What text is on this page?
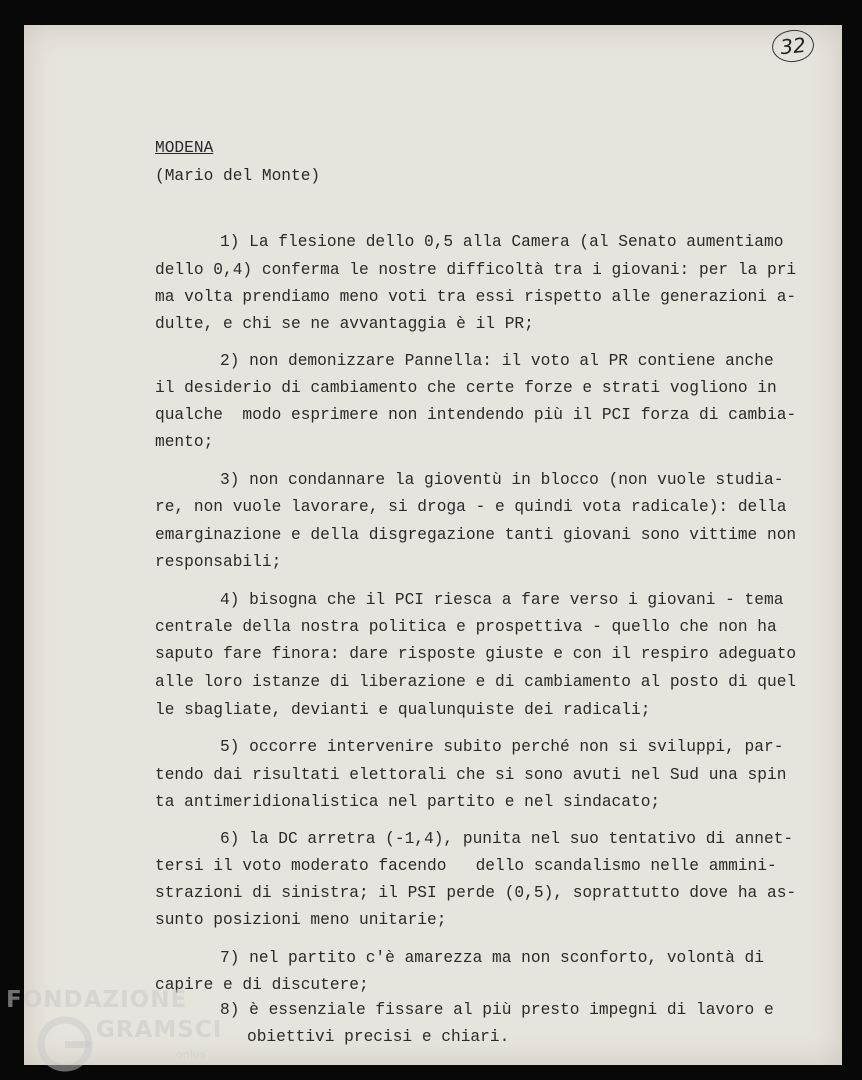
32
MODENA
(Mario del Monte)
1) La flesione dello 0,5 alla Camera (al Senato aumentiamo
dello 0,4) conferma le nostre difficoltà tra i giovani: per la pri
ma volta prendiamo meno voti tra essi rispetto alle generazioni a-
dulte, e chi se ne avvantaggia è il PR;
2) non demonizzare Pannella: il voto al PR contiene anche
il desiderio di cambiamento che certe forze e strati vogliono in
qualche  modo esprimere non intendendo più il PCI forza di cambia-
mento;
3) non condannare la gioventù in blocco (non vuole studia-
re, non vuole lavorare, si droga - e quindi vota radicale): della
emarginazione e della disgregazione tanti giovani sono vittime non
responsabili;
4) bisogna che il PCI riesca a fare verso i giovani - tema
centrale della nostra politica e prospettiva - quello che non ha
saputo fare finora: dare risposte giuste e con il respiro adeguato
alle loro istanze di liberazione e di cambiamento al posto di quel
le sbagliate, devianti e qualunquiste dei radicali;
5) occorre intervenire subito perché non si sviluppi, par-
tendo dai risultati elettorali che si sono avuti nel Sud una spin
ta antimeridionalistica nel partito e nel sindacato;
6) la DC arretra (-1,4), punita nel suo tentativo di annet-
tersi il voto moderato facendo   dello scandalismo nelle ammini-
strazioni di sinistra; il PSI perde (0,5), soprattutto dove ha as-
sunto posizioni meno unitarie;
7) nel partito c'è amarezza ma non sconforto, volontà di
capire e di discutere;
8) è essenziale fissare al più presto impegni di lavoro e
obiettivi precisi e chiari.
FONDAZIONE
GRAMSCI
onlus
